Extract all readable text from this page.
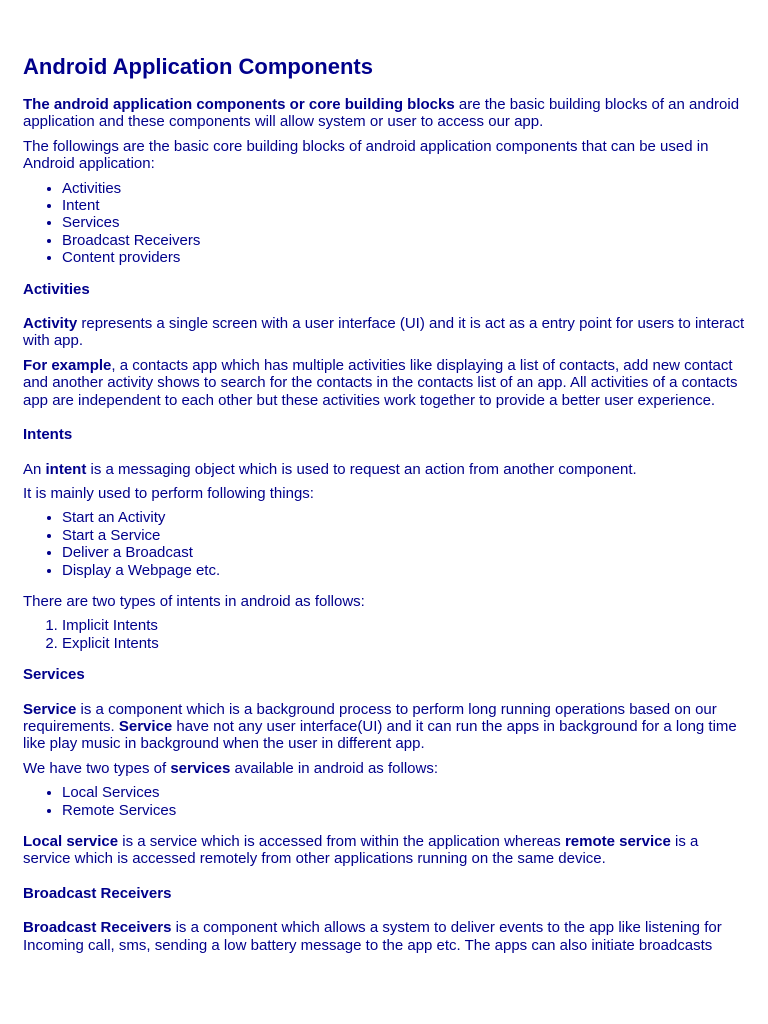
Android Application Components

The android application components or core building blocks are the basic building blocks of an android application and these components will allow system or user to access our app.

The followings are the basic core building blocks of android application components that can be used in Android application:

• Activities
• Intent
• Services
• Broadcast Receivers
• Content providers
Activities

Activity represents a single screen with a user interface (UI) and it is act as a entry point for users to interact with app.

For example, a contacts app which has multiple activities like displaying a list of contacts, add new contact and another activity shows to search for the contacts in the contacts list of an app. All activities of a contacts app are independent to each other but these activities work together to provide a better user experience.

Intents

An intent is a messaging object which is used to request an action from another component.

It is mainly used to perform following things:

• Start an Activity
• Start a Service
• Deliver a Broadcast
• Display a Webpage etc.

There are two types of intents in android as follows:

1. Implicit Intents
2. Explicit Intents
Services

Service is a component which is a background process to perform long running operations based on our requirements. Service have not any user interface(UI) and it can run the apps in background for a long time like play music in background when the user in different app.

We have two types of services available in android as follows:

• Local Services
• Remote Services

Local service is a service which is accessed from within the application whereas remote service is a service which is accessed remotely from other applications running on the same device.

Broadcast Receivers

Broadcast Receivers is a component which allows a system to deliver events to the app like listening for Incoming call, sms, sending a low battery message to the app etc. The apps can also initiate broadcasts
